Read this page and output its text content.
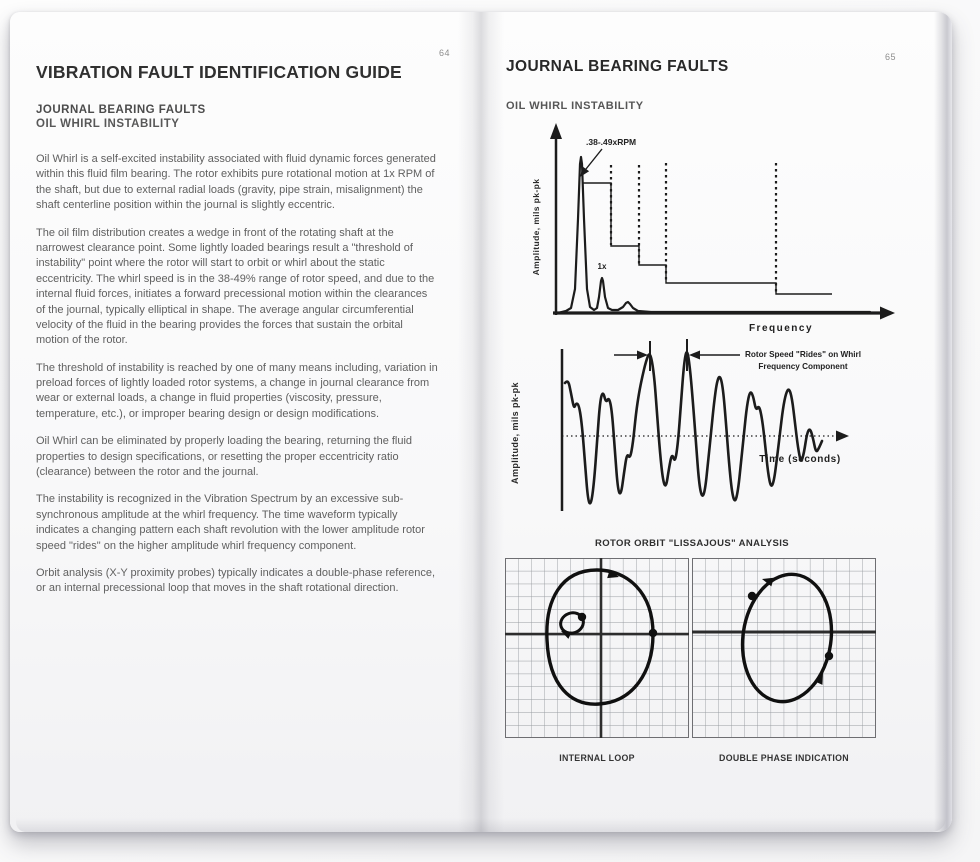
64
VIBRATION FAULT IDENTIFICATION GUIDE
JOURNAL BEARING FAULTS
OIL WHIRL INSTABILITY

Oil Whirl is a self-excited instability associated with fluid dynamic forces generated within this fluid film bearing. The rotor exhibits pure rotational motion at 1x RPM of the shaft, but due to external radial loads (gravity, pipe strain, misalignment) the shaft centerline position within the journal is slightly eccentric.

The oil film distribution creates a wedge in front of the rotating shaft at the narrowest clearance point. Some lightly loaded bearings result a "threshold of instability" point where the rotor will start to orbit or whirl about the static eccentricity. The whirl speed is in the 38-49% range of rotor speed, and due to the internal fluid forces, initiates a forward precessional motion within the clearances of the journal, typically elliptical in shape. The average angular circumferential velocity of the fluid in the bearing provides the forces that sustain the orbital motion of the rotor.

The threshold of instability is reached by one of many means including, variation in preload forces of lightly loaded rotor systems, a change in journal clearance from wear or external loads, a change in fluid properties (viscosity, pressure, temperature, etc.), or improper bearing design or design modifications.

Oil Whirl can be eliminated by properly loading the bearing, returning the fluid properties to design specifications, or resetting the proper eccentricity ratio (clearance) between the rotor and the journal.

The instability is recognized in the Vibration Spectrum by an excessive sub-synchronous amplitude at the whirl frequency. The time waveform typically indicates a changing pattern each shaft revolution with the lower amplitude rotor speed "rides" on the higher amplitude whirl frequency component.

Orbit analysis (X-Y proximity probes) typically indicates a double-phase reference, or an internal precessional loop that moves in the shaft rotational direction.

65
JOURNAL BEARING FAULTS
OIL WHIRL INSTABILITY
.38-.49xRPM
1x
Frequency
Amplitude, mils pk-pk
Rotor Speed "Rides" on Whirl
Frequency Component
Time (seconds)
Amplitude, mils pk-pk
ROTOR ORBIT "LISSAJOUS" ANALYSIS
INTERNAL LOOP	DOUBLE PHASE INDICATION
